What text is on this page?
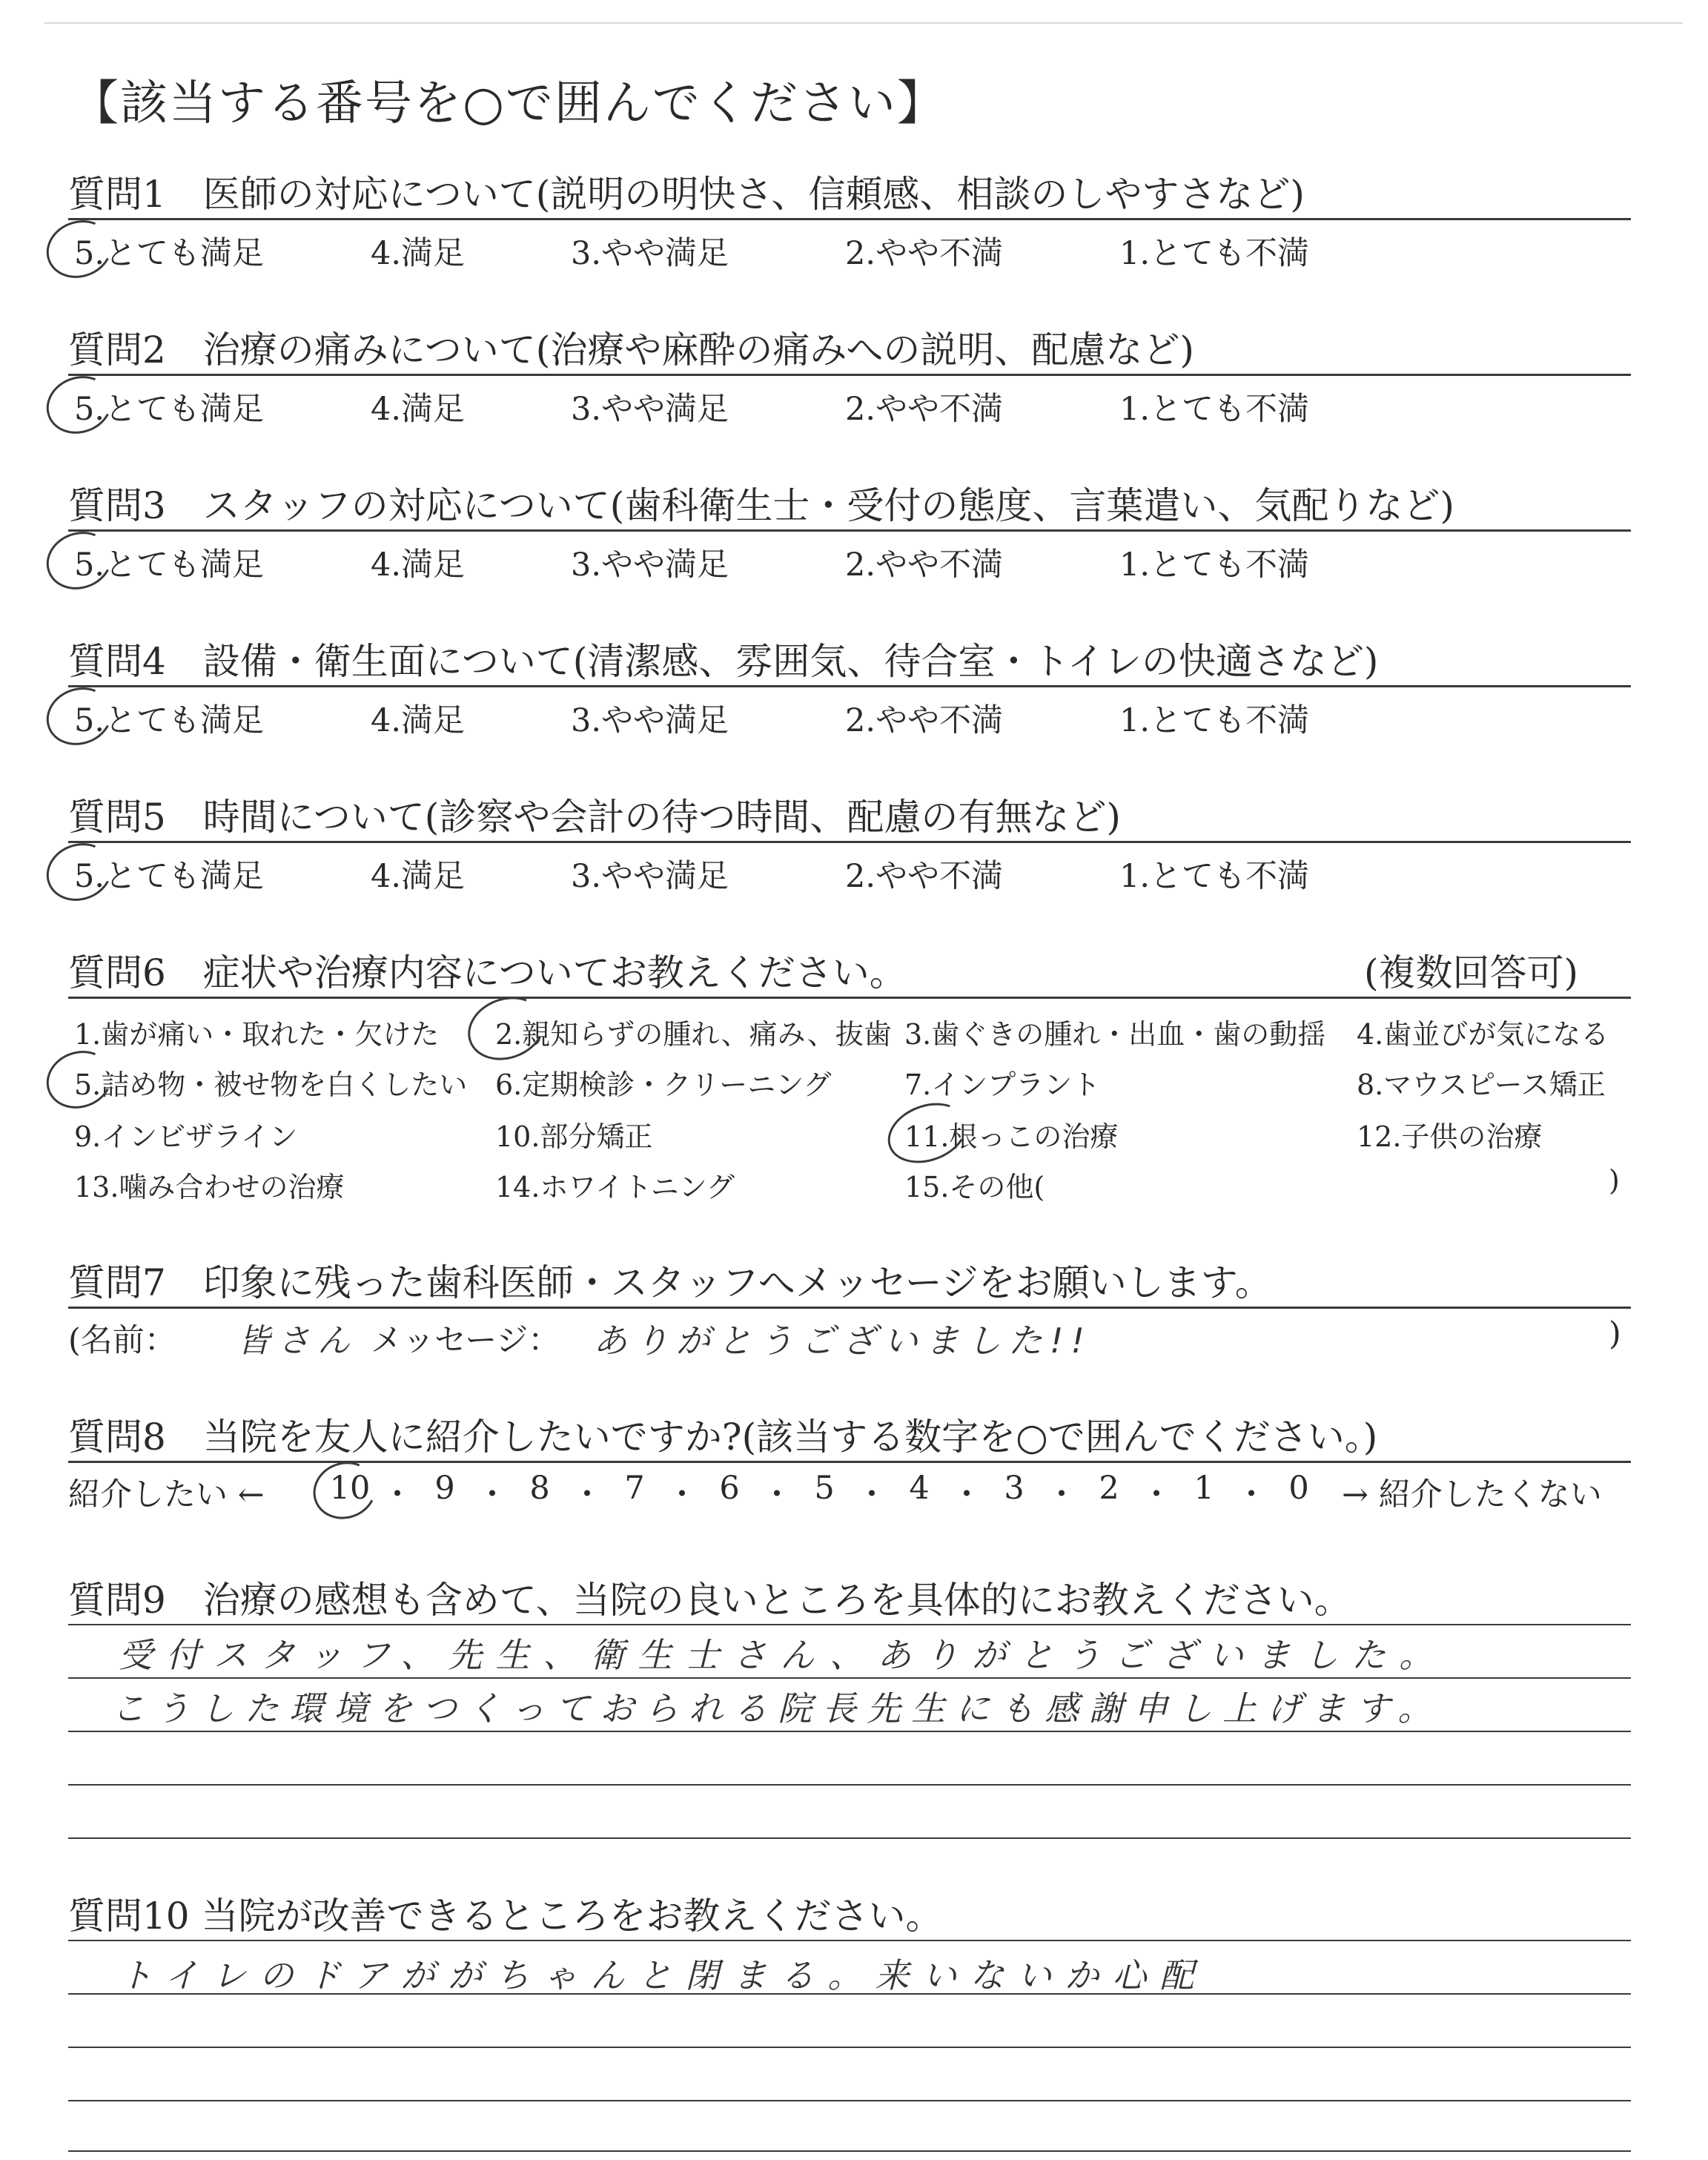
【該当する番号を○で囲んでください】
質問1　医師の対応について(説明の明快さ、信頼感、相談のしやすさなど)
5.とても満足	4.満足	3.やや満足	2.やや不満	1.とても不満
質問2　治療の痛みについて(治療や麻酔の痛みへの説明、配慮など)
5.とても満足	4.満足	3.やや満足	2.やや不満	1.とても不満
質問3　スタッフの対応について(歯科衛生士・受付の態度、言葉遣い、気配りなど)
5.とても満足	4.満足	3.やや満足	2.やや不満	1.とても不満
質問4　設備・衛生面について(清潔感、雰囲気、待合室・トイレの快適さなど)
5.とても満足	4.満足	3.やや満足	2.やや不満	1.とても不満
質問5　時間について(診察や会計の待つ時間、配慮の有無など)
5.とても満足	4.満足	3.やや満足	2.やや不満	1.とても不満
質問6　症状や治療内容についてお教えください。	(複数回答可)
1.歯が痛い・取れた・欠けた 2.親知らずの腫れ、痛み、抜歯 3.歯ぐきの腫れ・出血・歯の動揺 4.歯並びが気になる
5.詰め物・被せ物を白くしたい 6.定期検診・クリーニング	7.インプラント	8.マウスピース矯正
9.インビザライン	10.部分矯正	11.根っこの治療	12.子供の治療
13.噛み合わせの治療	14.ホワイトニング	15.その他(	)
質問7　印象に残った歯科医師・スタッフへメッセージをお願いします。
(名前： 皆さん メッセージ： ありがとうございました!!	)
質問8　当院を友人に紹介したいですか?(該当する数字を○で囲んでください。)
紹介したい ← 10 ・ 9 ・ 8 ・ 7 ・ 6 ・ 5 ・ 4 ・ 3 ・ 2 ・ 1 ・ 0	→ 紹介したくない
質問9　治療の感想も含めて、当院の良いところを具体的にお教えください。
受付スタッフ、先生、衛生士さん、ありがとうございました。
こうした環境をつくっておられる院長先生にも感謝申し上げます。
質問10 当院が改善できるところをお教えください。
トイレのドアががちゃんと閉まる。来いないか心配
